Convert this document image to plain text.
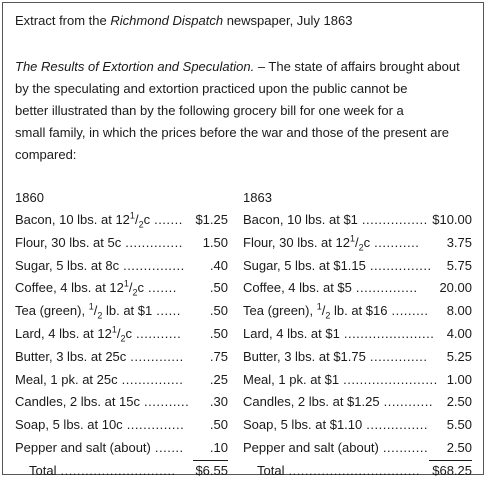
Extract from the Richmond Dispatch newspaper, July 1863
The Results of Extortion and Speculation. – The state of affairs brought about
by the speculating and extortion practiced upon the public cannot be
better illustrated than by the following grocery bill for one week for a
small family, in which the prices before the war and those of the present are
compared:
1860
Bacon, 10 lbs. at $12^1/_2c$ ....... $1.25
Flour, 30 lbs. at 5c .............. 1.50
Sugar, 5 lbs. at 8c ............... .40
Coffee, 4 lbs. at $12^1/_2c$ .......	.50
Tea (green), $^1/_2$ lb. at $1 ...... .50
Lard, 4 lbs. at $12^1/_2c$ ........... .50
Butter, 3 lbs. at 25c ............. .75
Meal, 1 pk. at 25c ............... .25
Candles, 2 lbs. at 15c ........... .30
Soap, 5 lbs. at 10c .............. .50
Pepper and salt (about) ....... .10
Total ............................ $6.55
1863
Bacon, 10 lbs. at $1 ................ $10.00
Flour, 30 lbs. at $12^1/_2c$ ........... 3.75
Sugar, 5 lbs. at $1.15 ............... 5.75
Coffee, 4 lbs. at $5 ............... 20.00
Tea (green), $^1/_2$ lb. at $16 ......... 8.00
Lard, 4 lbs. at $1 ...................... 4.00
Butter, 3 lbs. at $1.75 .............. 5.25
Meal, 1 pk. at $1 ....................... 1.00
Candles, 2 lbs. at $1.25 ............ 2.50
Soap, 5 lbs. at $1.10 ............... 5.50
Pepper and salt (about) ........... 2.50
Total ................................ $68.25
